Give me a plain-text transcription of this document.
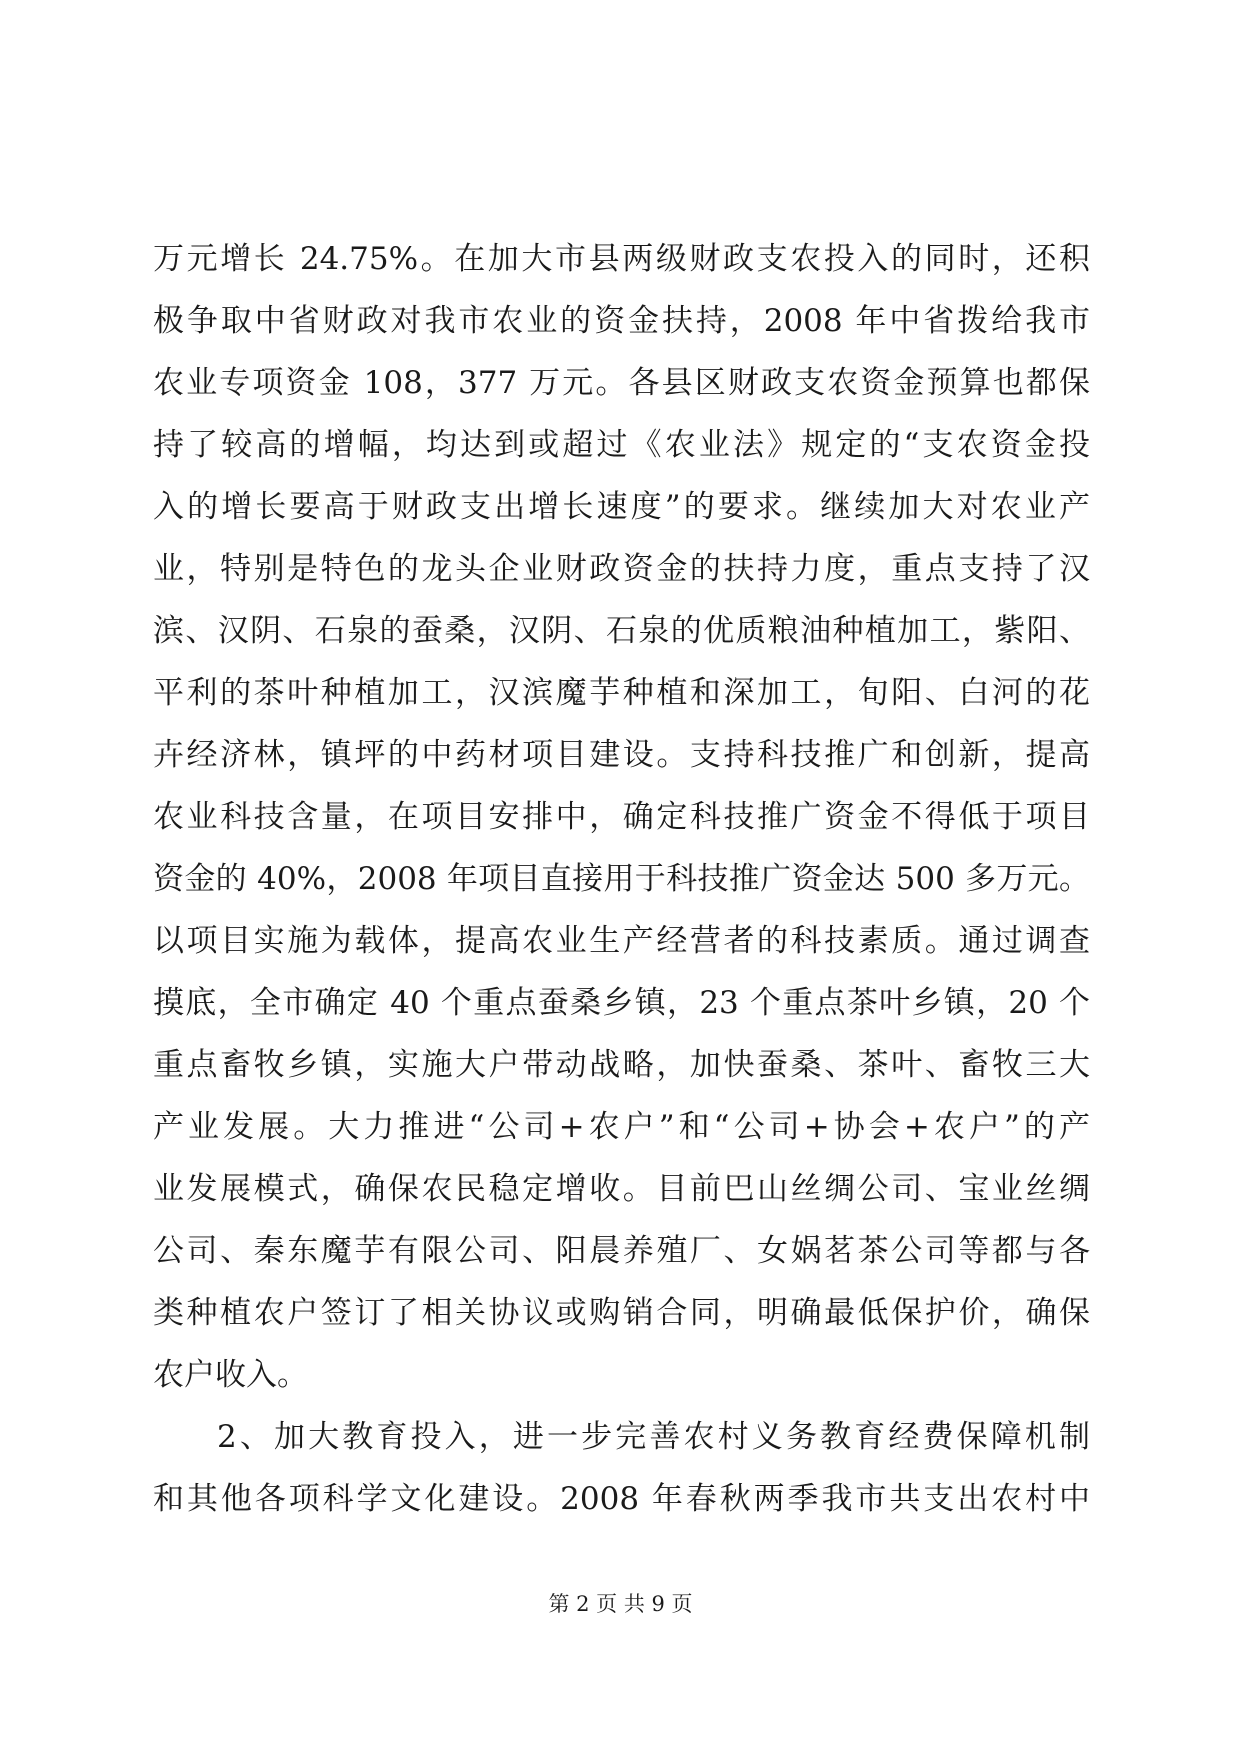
万元增长 24.75%。在加大市县两级财政支农投入的同时，还积
极争取中省财政对我市农业的资金扶持，2008 年中省拨给我市
农业专项资金 108，377 万元。各县区财政支农资金预算也都保
持了较高的增幅，均达到或超过《农业法》规定的“支农资金投
入的增长要高于财政支出增长速度”的要求。继续加大对农业产
业，特别是特色的龙头企业财政资金的扶持力度，重点支持了汉
滨、汉阴、石泉的蚕桑，汉阴、石泉的优质粮油种植加工，紫阳、
平利的茶叶种植加工，汉滨魔芋种植和深加工，旬阳、白河的花
卉经济林，镇坪的中药材项目建设。支持科技推广和创新，提高
农业科技含量，在项目安排中，确定科技推广资金不得低于项目
资金的 40%，2008 年项目直接用于科技推广资金达 500 多万元。
以项目实施为载体，提高农业生产经营者的科技素质。通过调查
摸底，全市确定 40 个重点蚕桑乡镇，23 个重点茶叶乡镇，20 个
重点畜牧乡镇，实施大户带动战略，加快蚕桑、茶叶、畜牧三大
产业发展。大力推进“公司+农户”和“公司+协会+农户”的产
业发展模式，确保农民稳定增收。目前巴山丝绸公司、宝业丝绸
公司、秦东魔芋有限公司、阳晨养殖厂、女娲茗茶公司等都与各
类种植农户签订了相关协议或购销合同，明确最低保护价，确保
农户收入。
2、加大教育投入，进一步完善农村义务教育经费保障机制
和其他各项科学文化建设。2008 年春秋两季我市共支出农村中
第 2 页 共 9 页
